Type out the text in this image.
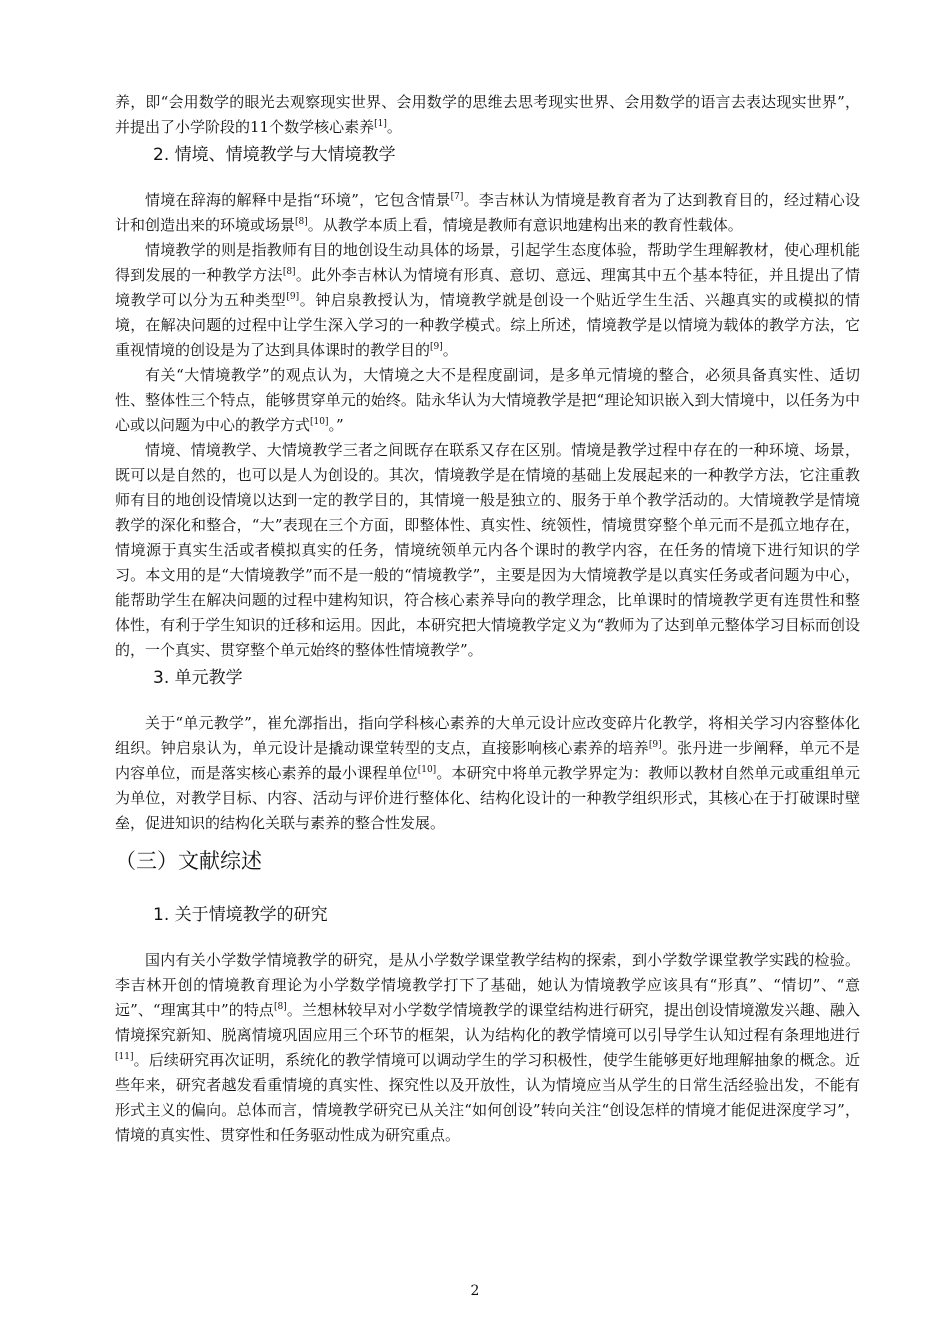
养，即“会用数学的眼光去观察现实世界、会用数学的思维去思考现实世界、会用数学的语言去表达现实世界”，并提出了小学阶段的11个数学核心素养[1]。

2. 情境、情境教学与大情境教学

情境在辞海的解释中是指“环境”，它包含情景[7]。李吉林认为情境是教育者为了达到教育目的，经过精心设计和创造出来的环境或场景[8]。从教学本质上看，情境是教师有意识地建构出来的教育性载体。

情境教学的则是指教师有目的地创设生动具体的场景，引起学生态度体验，帮助学生理解教材，使心理机能得到发展的一种教学方法[8]。此外李吉林认为情境有形真、意切、意远、理寓其中五个基本特征，并且提出了情境教学可以分为五种类型[9]。钟启泉教授认为，情境教学就是创设一个贴近学生生活、兴趣真实的或模拟的情境，在解决问题的过程中让学生深入学习的一种教学模式。综上所述，情境教学是以情境为载体的教学方法，它重视情境的创设是为了达到具体课时的教学目的[9]。

有关“大情境教学”的观点认为，大情境之大不是程度副词，是多单元情境的整合，必须具备真实性、适切性、整体性三个特点，能够贯穿单元的始终。陆永华认为大情境教学是把“理论知识嵌入到大情境中，以任务为中心或以问题为中心的教学方式[10]。”

情境、情境教学、大情境教学三者之间既存在联系又存在区别。情境是教学过程中存在的一种环境、场景，既可以是自然的，也可以是人为创设的。其次，情境教学是在情境的基础上发展起来的一种教学方法，它注重教师有目的地创设情境以达到一定的教学目的，其情境一般是独立的、服务于单个教学活动的。大情境教学是情境教学的深化和整合，“大”表现在三个方面，即整体性、真实性、统领性，情境贯穿整个单元而不是孤立地存在，情境源于真实生活或者模拟真实的任务，情境统领单元内各个课时的教学内容，在任务的情境下进行知识的学习。本文用的是“大情境教学”而不是一般的“情境教学”，主要是因为大情境教学是以真实任务或者问题为中心，能帮助学生在解决问题的过程中建构知识，符合核心素养导向的教学理念，比单课时的情境教学更有连贯性和整体性，有利于学生知识的迁移和运用。因此，本研究把大情境教学定义为“教师为了达到单元整体学习目标而创设的，一个真实、贯穿整个单元始终的整体性情境教学”。

3. 单元教学

关于“单元教学”，崔允漷指出，指向学科核心素养的大单元设计应改变碎片化教学，将相关学习内容整体化组织。钟启泉认为，单元设计是撬动课堂转型的支点，直接影响核心素养的培养[9]。张丹进一步阐释，单元不是内容单位，而是落实核心素养的最小课程单位[10]。本研究中将单元教学界定为：教师以教材自然单元或重组单元为单位，对教学目标、内容、活动与评价进行整体化、结构化设计的一种教学组织形式，其核心在于打破课时壁垒，促进知识的结构化关联与素养的整合性发展。

（三）文献综述
1. 关于情境教学的研究

国内有关小学数学情境教学的研究，是从小学数学课堂教学结构的探索，到小学数学课堂教学实践的检验。李吉林开创的情境教育理论为小学数学情境教学打下了基础，她认为情境教学应该具有“形真”、“情切”、“意远”、“理寓其中”的特点[8]。兰想林较早对小学数学情境教学的课堂结构进行研究，提出创设情境激发兴趣、融入情境探究新知、脱离情境巩固应用三个环节的框架，认为结构化的教学情境可以引导学生认知过程有条理地进行[11]。后续研究再次证明，系统化的教学情境可以调动学生的学习积极性，使学生能够更好地理解抽象的概念。近些年来，研究者越发看重情境的真实性、探究性以及开放性，认为情境应当从学生的日常生活经验出发，不能有形式主义的偏向。总体而言，情境教学研究已从关注“如何创设”转向关注“创设怎样的情境才能促进深度学习”，情境的真实性、贯穿性和任务驱动性成为研究重点。

2
